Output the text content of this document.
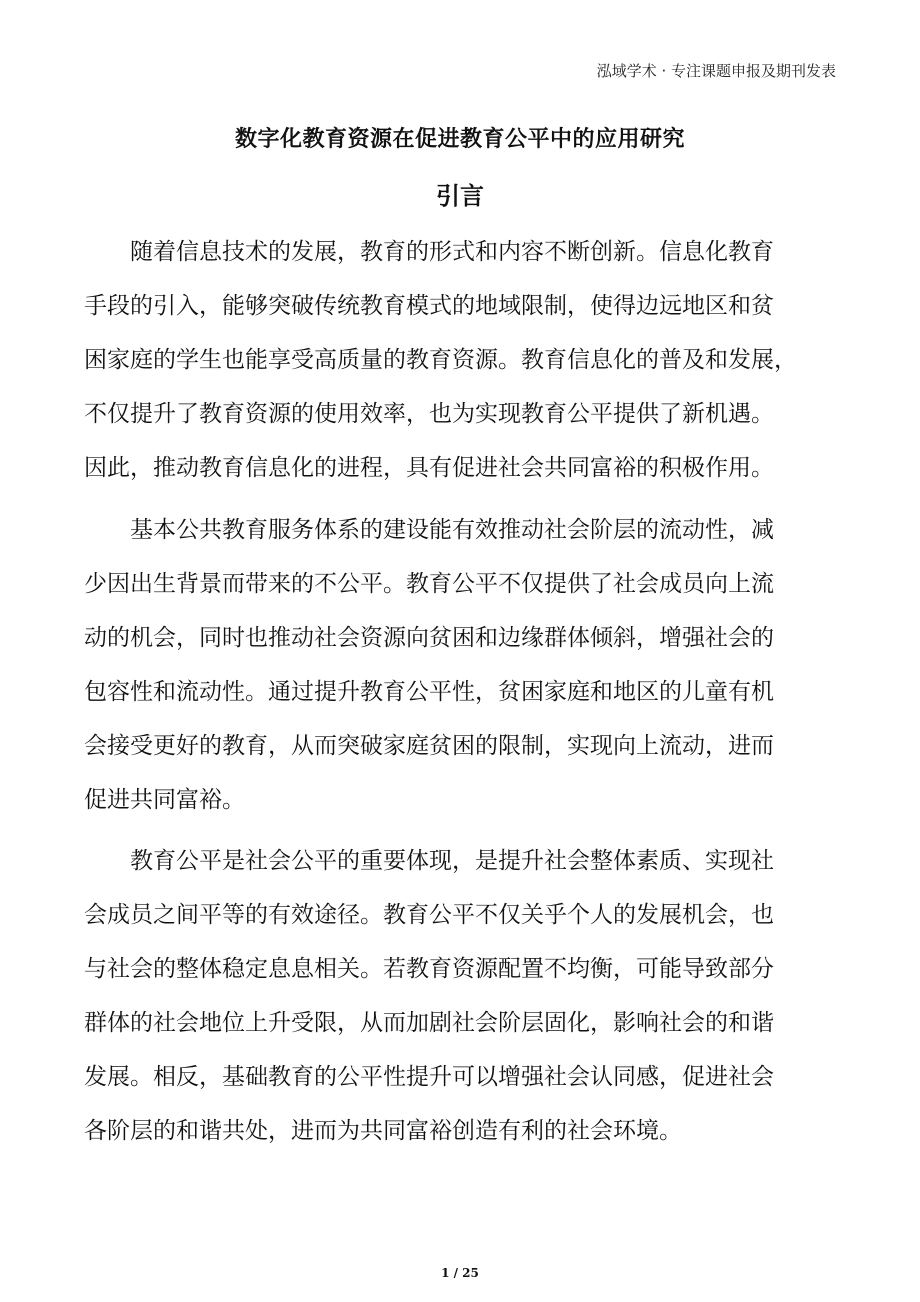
泓域学术 · 专注课题申报及期刊发表
数字化教育资源在促进教育公平中的应用研究
引言

随着信息技术的发展，教育的形式和内容不断创新。信息化教育
手段的引入，能够突破传统教育模式的地域限制，使得边远地区和贫
困家庭的学生也能享受高质量的教育资源。教育信息化的普及和发展，
不仅提升了教育资源的使用效率，也为实现教育公平提供了新机遇。
因此，推动教育信息化的进程，具有促进社会共同富裕的积极作用。

基本公共教育服务体系的建设能有效推动社会阶层的流动性，减
少因出生背景而带来的不公平。教育公平不仅提供了社会成员向上流
动的机会，同时也推动社会资源向贫困和边缘群体倾斜，增强社会的
包容性和流动性。通过提升教育公平性，贫困家庭和地区的儿童有机
会接受更好的教育，从而突破家庭贫困的限制，实现向上流动，进而
促进共同富裕。

教育公平是社会公平的重要体现，是提升社会整体素质、实现社
会成员之间平等的有效途径。教育公平不仅关乎个人的发展机会，也
与社会的整体稳定息息相关。若教育资源配置不均衡，可能导致部分
群体的社会地位上升受限，从而加剧社会阶层固化，影响社会的和谐
发展。相反，基础教育的公平性提升可以增强社会认同感，促进社会
各阶层的和谐共处，进而为共同富裕创造有利的社会环境。

1 / 25
